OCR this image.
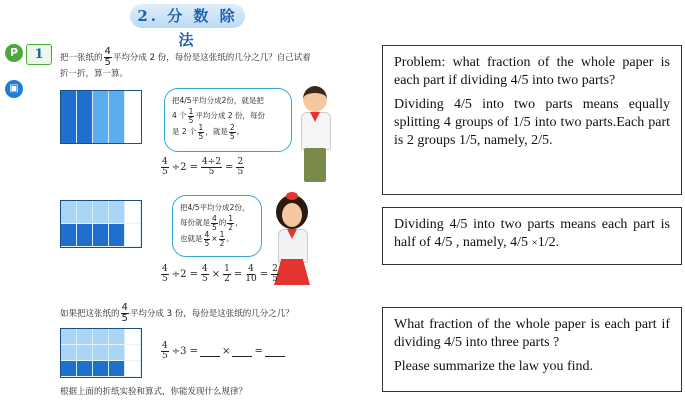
2. 分 数 除 法
P	1
▣
把一张纸的 $\frac{4}{5}$ 平均分成 2 份，每份是这张纸的几分之几？自己试着
折一折，算一算。
把4/5平均分成2份，就是把
4 个 $\frac{1}{5}$ 平均分成 2 份，每份
是 2 个 $\frac{1}{5}$ ，就是 $\frac{2}{5}$ 。
$\frac{4}{5} \div 2 = \frac{4\div 2}{5} = \frac{2}{5}$
把4/5平均分成2份，
每份就是 $\frac{4}{5}$ 的 $\frac{1}{2}$ ，
也就是 $\frac{4}{5} \times \frac{1}{2}$ 。
$\frac{4}{5} \div 2 = \frac{4}{5} \times \frac{1}{2} = \frac{4}{10} = \frac{2}{5}$
如果把这张纸的 $\frac{4}{5}$ 平均分成 3 份，每份是这张纸的几分之几？
$\frac{4}{5} \div 3$ = × =
根据上面的折纸实验和算式，你能发现什么规律？

Problem: what fraction of the whole paper is each part if dividing 4/5 into two parts?

Dividing 4/5 into two parts means equally splitting 4 groups of 1/5 into two parts.Each part is 2 groups 1/5, namely, 2/5.

Dividing 4/5 into two parts means each part is half of 4/5 , namely, 4/5 ×1/2.

What fraction of the whole paper is each part if dividing 4/5 into three parts ?

Please summarize the law you find.
